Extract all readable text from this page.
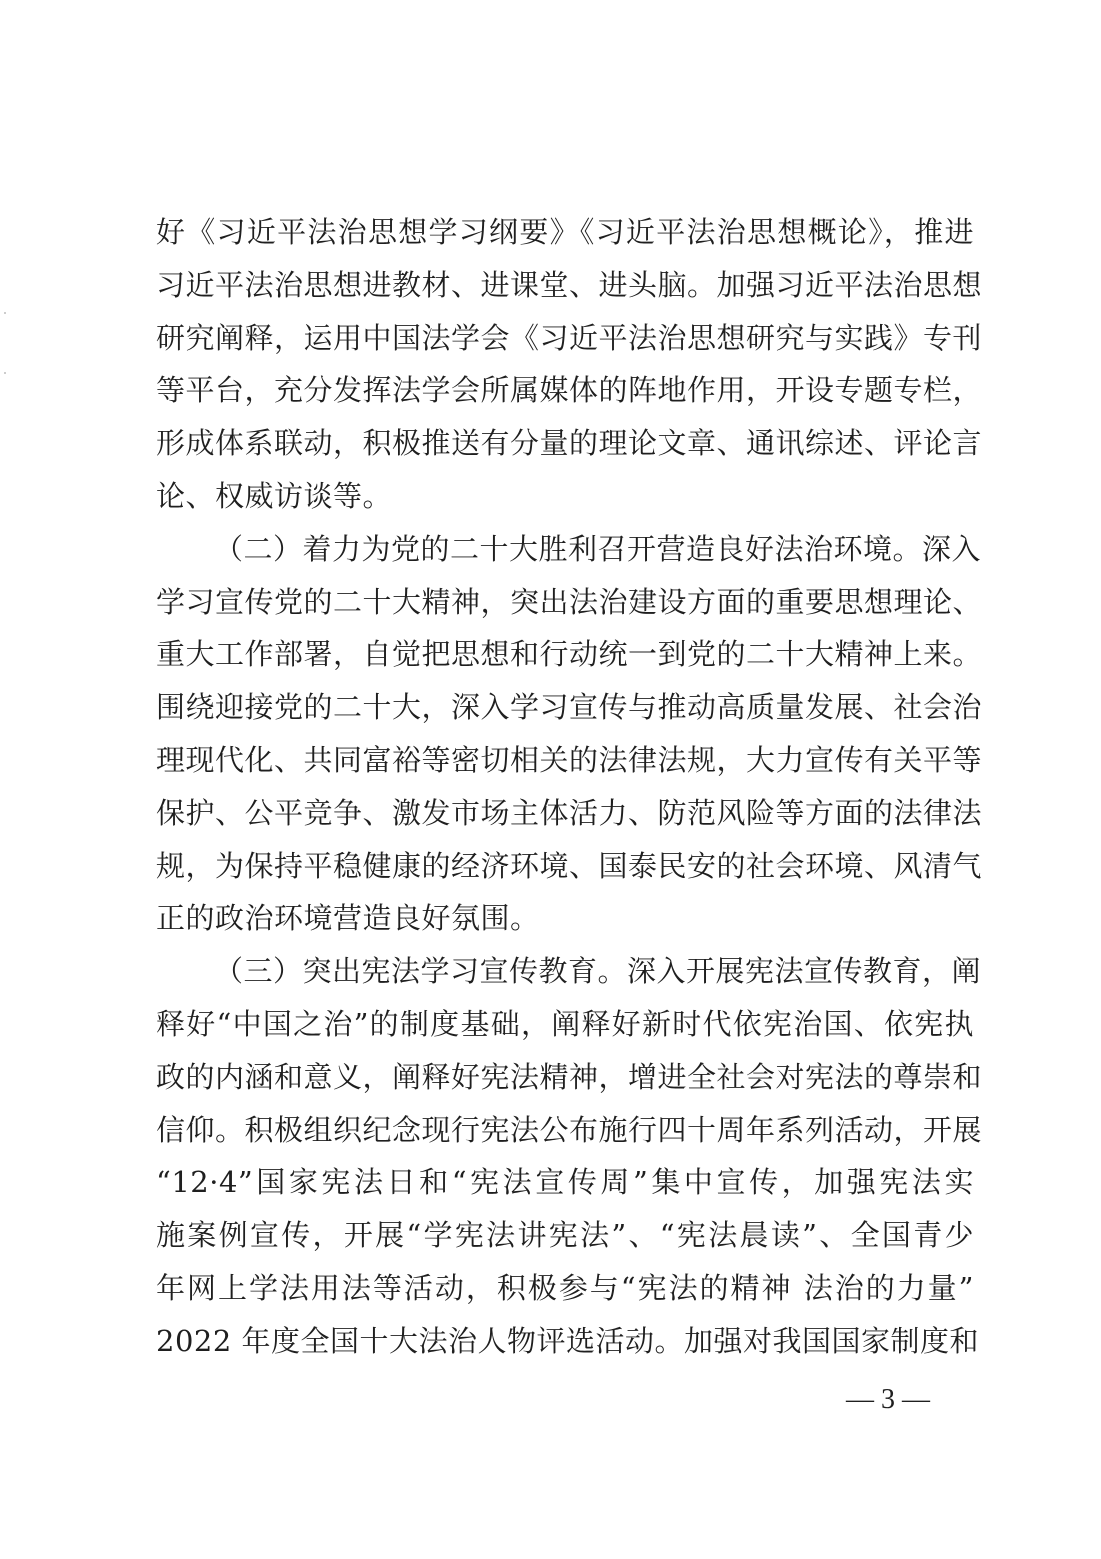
好《习近平法治思想学习纲要》《习近平法治思想概论》，推进
习近平法治思想进教材、进课堂、进头脑。加强习近平法治思想
研究阐释，运用中国法学会《习近平法治思想研究与实践》专刊
等平台，充分发挥法学会所属媒体的阵地作用，开设专题专栏，
形成体系联动，积极推送有分量的理论文章、通讯综述、评论言
论、权威访谈等。
（二）着力为党的二十大胜利召开营造良好法治环境。深入
学习宣传党的二十大精神，突出法治建设方面的重要思想理论、
重大工作部署，自觉把思想和行动统一到党的二十大精神上来。
围绕迎接党的二十大，深入学习宣传与推动高质量发展、社会治
理现代化、共同富裕等密切相关的法律法规，大力宣传有关平等
保护、公平竞争、激发市场主体活力、防范风险等方面的法律法
规，为保持平稳健康的经济环境、国泰民安的社会环境、风清气
正的政治环境营造良好氛围。
（三）突出宪法学习宣传教育。深入开展宪法宣传教育，阐
释好“中国之治”的制度基础，阐释好新时代依宪治国、依宪执
政的内涵和意义，阐释好宪法精神，增进全社会对宪法的尊崇和
信仰。积极组织纪念现行宪法公布施行四十周年系列活动，开展
“12·4”国家宪法日和“宪法宣传周”集中宣传，加强宪法实
施案例宣传，开展“学宪法讲宪法”、“宪法晨读”、全国青少
年网上学法用法等活动，积极参与“宪法的精神 法治的力量”
2022 年度全国十大法治人物评选活动。加强对我国国家制度和
— 3 —
